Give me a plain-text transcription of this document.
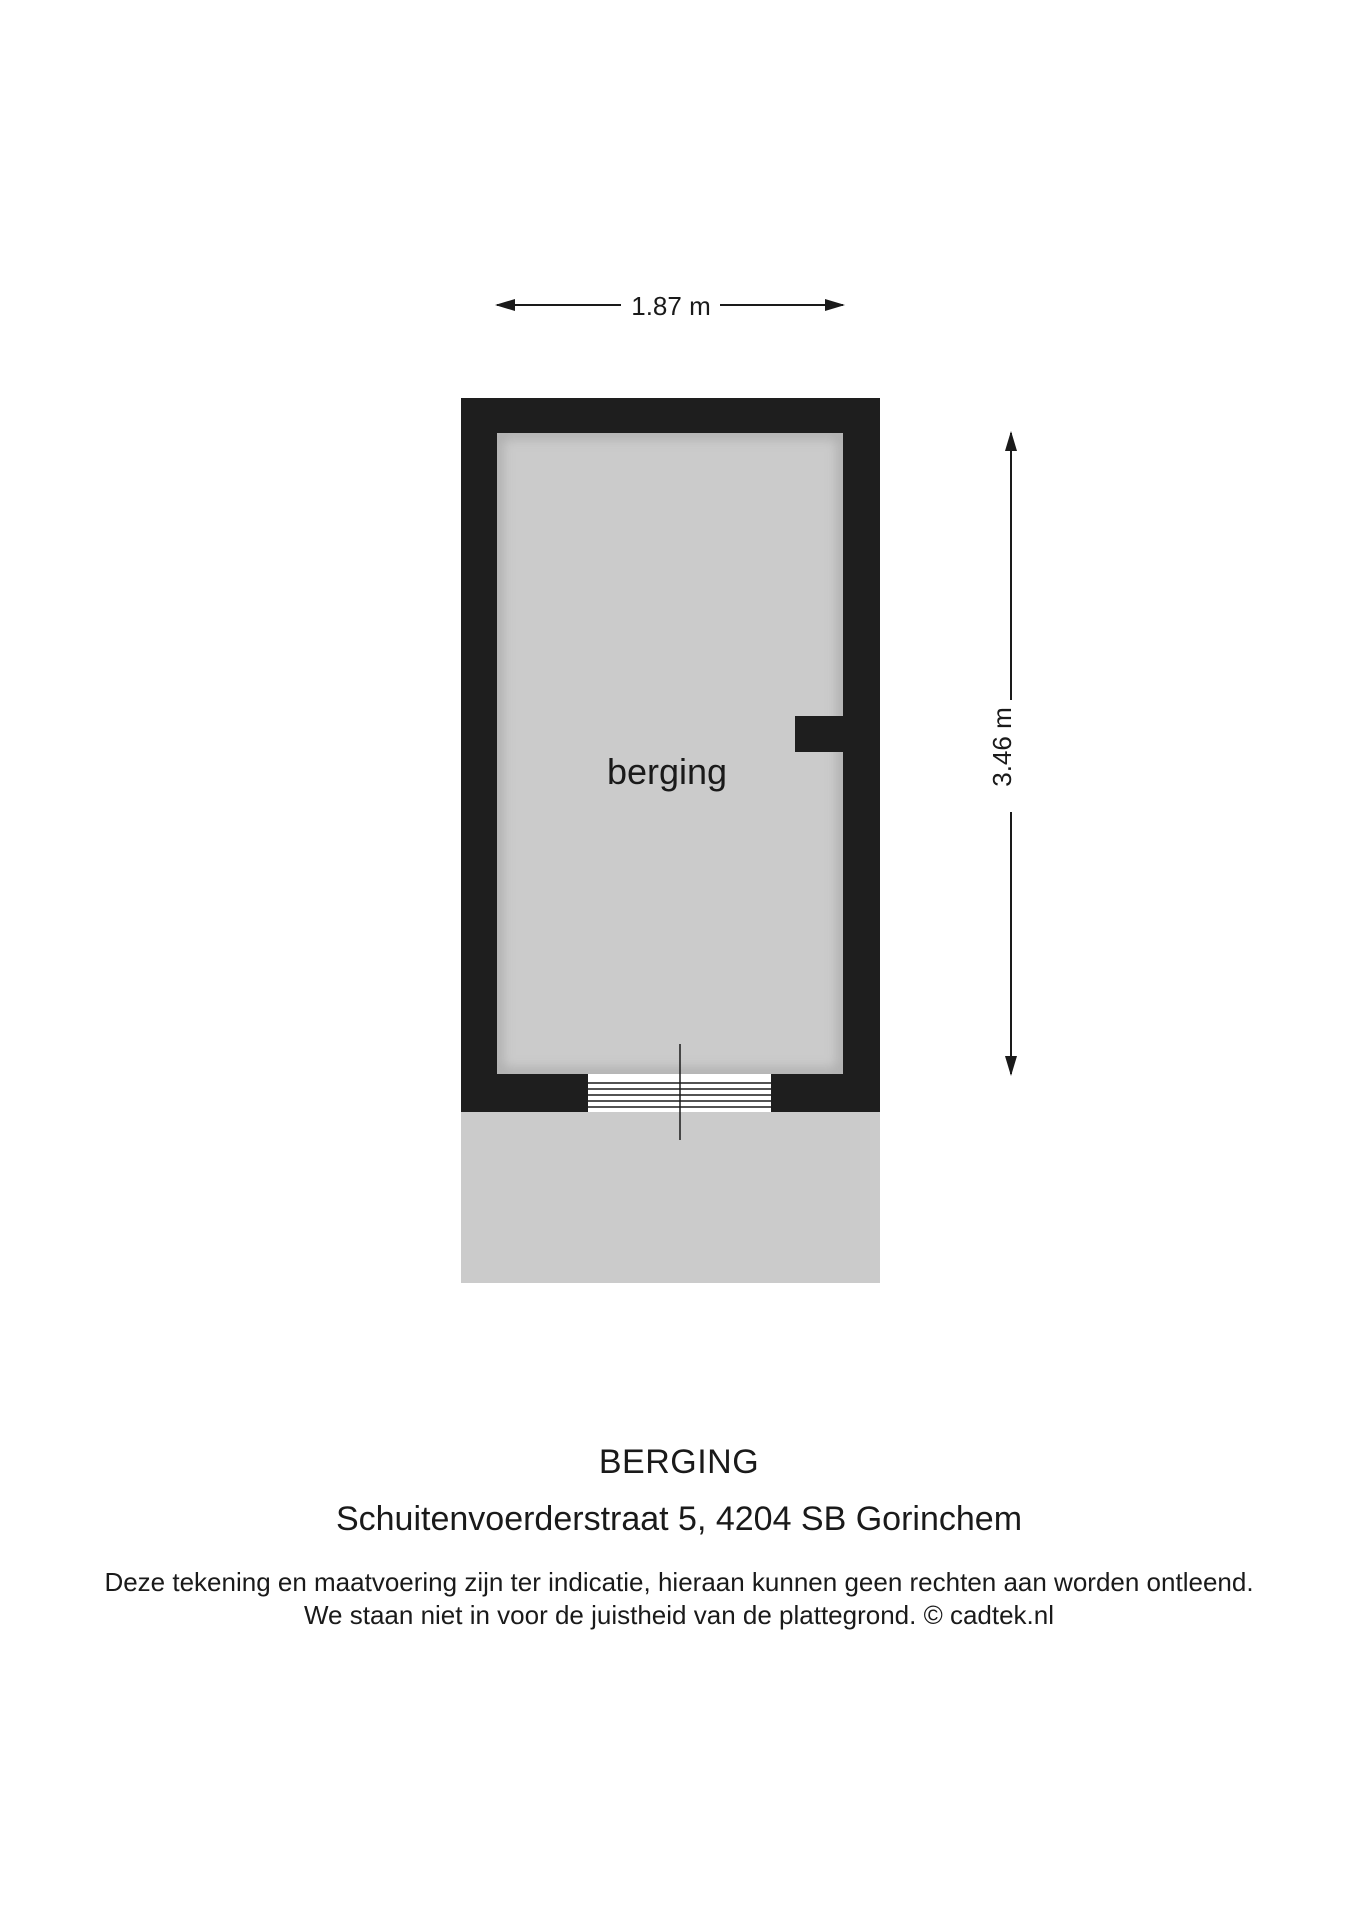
berging
1.87 m
3.46 m
BERGING
Schuitenvoerderstraat 5, 4204 SB Gorinchem
Deze tekening en maatvoering zijn ter indicatie, hieraan kunnen geen rechten aan worden ontleend.
We staan niet in voor de juistheid van de plattegrond. © cadtek.nl
